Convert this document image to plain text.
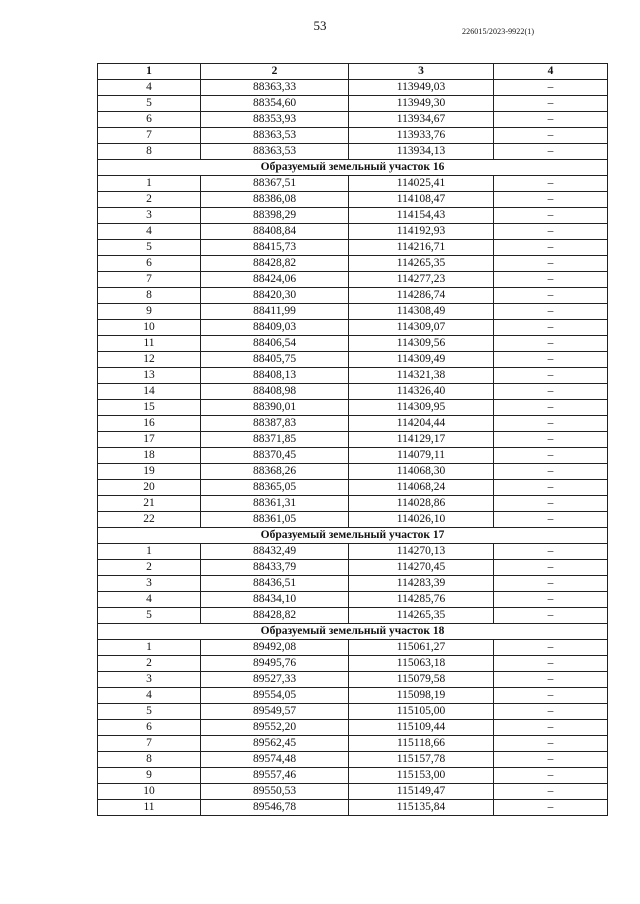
53	226015/2023-9922(1)
1	2	3	4
4	88363,33	113949,03	–
5	88354,60	113949,30	–
6	88353,93	113934,67	–
7	88363,53	113933,76	–
8	88363,53	113934,13	–
Образуемый земельный участок 16			
1	88367,51	114025,41	–
2	88386,08	114108,47	–
3	88398,29	114154,43	–
4	88408,84	114192,93	–
5	88415,73	114216,71	–
6	88428,82	114265,35	–
7	88424,06	114277,23	–
8	88420,30	114286,74	–
9	88411,99	114308,49	–
10	88409,03	114309,07	–
11	88406,54	114309,56	–
12	88405,75	114309,49	–
13	88408,13	114321,38	–
14	88408,98	114326,40	–
15	88390,01	114309,95	–
16	88387,83	114204,44	–
17	88371,85	114129,17	–
18	88370,45	114079,11	–
19	88368,26	114068,30	–
20	88365,05	114068,24	–
21	88361,31	114028,86	–
22	88361,05	114026,10	–
Образуемый земельный участок 17			
1	88432,49	114270,13	–
2	88433,79	114270,45	–
3	88436,51	114283,39	–
4	88434,10	114285,76	–
5	88428,82	114265,35	–
Образуемый земельный участок 18			
1	89492,08	115061,27	–
2	89495,76	115063,18	–
3	89527,33	115079,58	–
4	89554,05	115098,19	–
5	89549,57	115105,00	–
6	89552,20	115109,44	–
7	89562,45	115118,66	–
8	89574,48	115157,78	–
9	89557,46	115153,00	–
10	89550,53	115149,47	–
11	89546,78	115135,84	–
